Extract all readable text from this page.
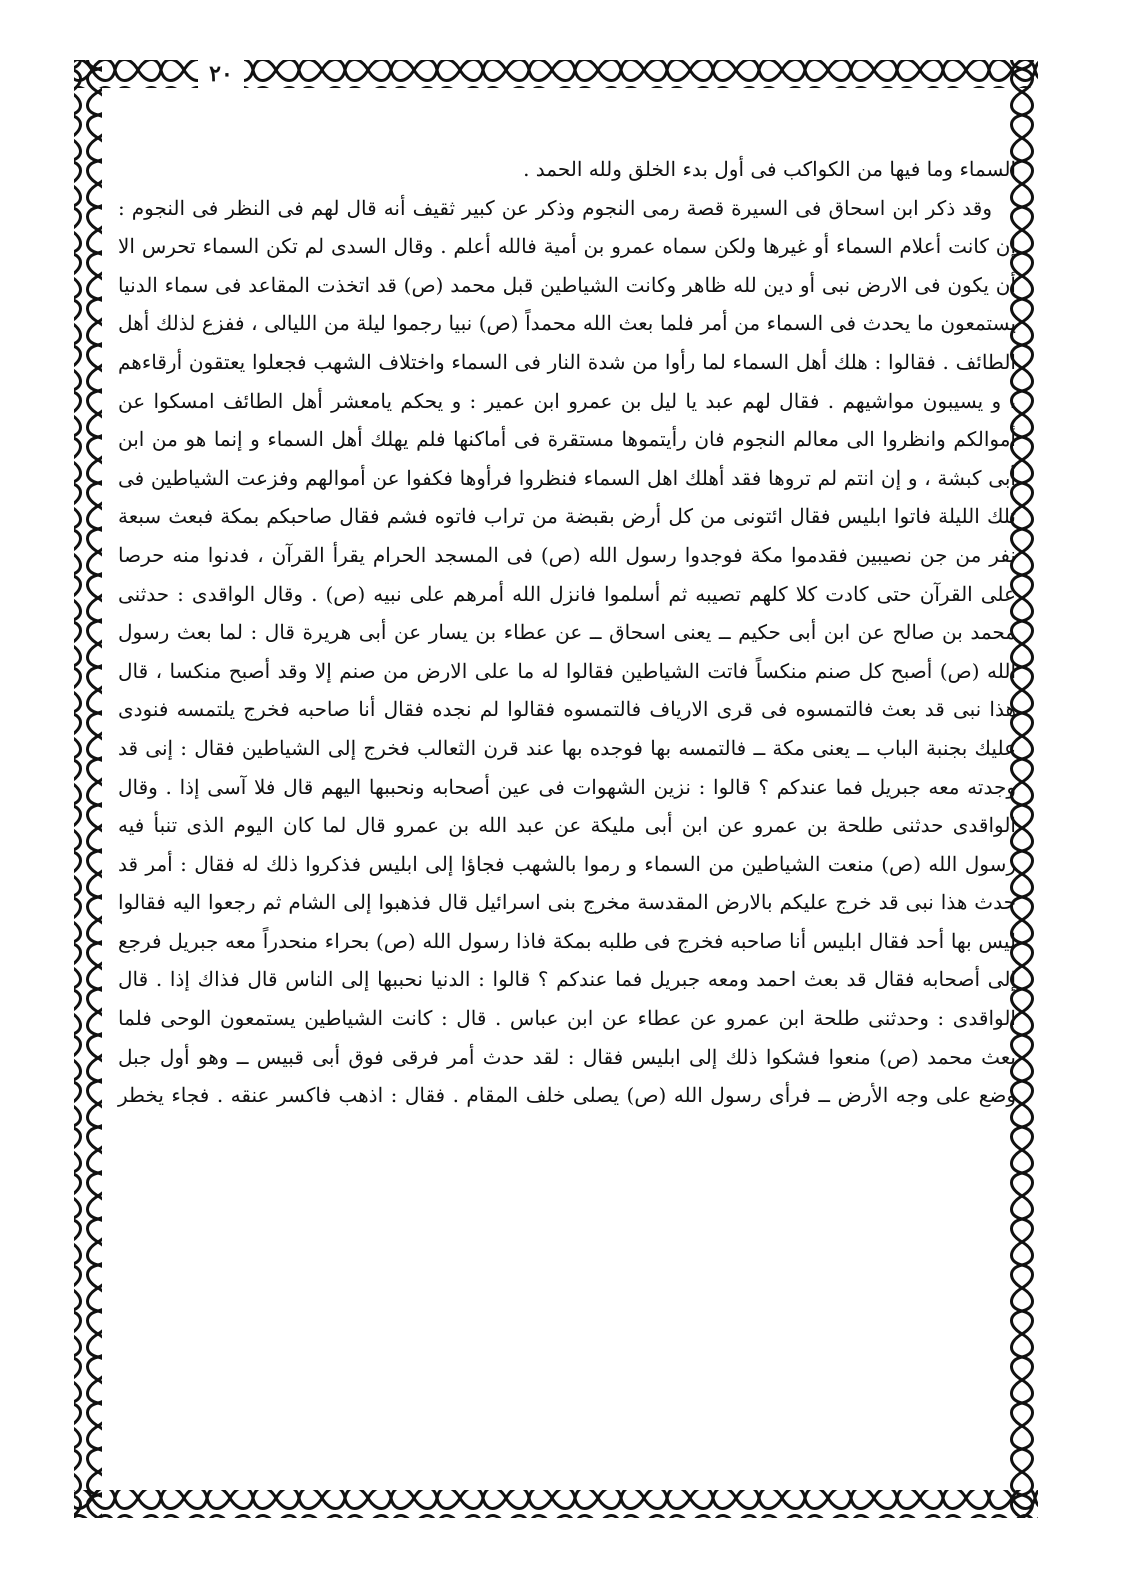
٢٠

السماء وما فيها من الكواكب فى أول بدء الخلق ولله الحمد .

وقد ذكر ابن اسحاق فى السيرة قصة رمى النجوم وذكر عن كبير ثقيف أنه قال لهم فى النظر فى النجوم : إن كانت أعلام السماء أو غيرها ولكن سماه عمرو بن أمية فالله أعلم . وقال السدى لم تكن السماء تحرس الا أن يكون فى الارض نبى أو دين لله ظاهر وكانت الشياطين قبل محمد (ص) قد اتخذت المقاعد فى سماء الدنيا يستمعون ما يحدث فى السماء من أمر فلما بعث الله محمداً (ص) نبيا رجموا ليلة من الليالى ، ففزع لذلك أهل الطائف . فقالوا : هلك أهل السماء لما رأوا من شدة النار فى السماء واختلاف الشهب فجعلوا يعتقون أرقاءهم ، و يسيبون مواشيهم . فقال لهم عبد يا ليل بن عمرو ابن عمير : و يحكم يامعشر أهل الطائف امسكوا عن أموالكم وانظروا الى معالم النجوم فان رأيتموها مستقرة فى أماكنها فلم يهلك أهل السماء و إنما هو من ابن أبى كبشة ، و إن انتم لم تروها فقد أهلك اهل السماء فنظروا فرأوها فكفوا عن أموالهم وفزعت الشياطين فى تلك الليلة فاتوا ابليس فقال ائتونى من كل أرض بقبضة من تراب فاتوه فشم فقال صاحبكم بمكة فبعث سبعة نفر من جن نصيبين فقدموا مكة فوجدوا رسول الله (ص) فى المسجد الحرام يقرأ القرآن ، فدنوا منه حرصا على القرآن حتى كادت كلا كلهم تصيبه ثم أسلموا فانزل الله أمرهم على نبيه (ص) . وقال الواقدى : حدثنى محمد بن صالح عن ابن أبى حكيم ــ يعنى اسحاق ــ عن عطاء بن يسار عن أبى هريرة قال : لما بعث رسول الله (ص) أصبح كل صنم منكساً فاتت الشياطين فقالوا له ما على الارض من صنم إلا وقد أصبح منكسا ، قال هذا نبى قد بعث فالتمسوه فى قرى الارياف فالتمسوه فقالوا لم نجده فقال أنا صاحبه فخرج يلتمسه فنودى عليك بجنبة الباب ــ يعنى مكة ــ فالتمسه بها فوجده بها عند قرن الثعالب فخرج إلى الشياطين فقال : إنى قد وجدته معه جبريل فما عندكم ؟ قالوا : نزين الشهوات فى عين أصحابه ونحببها اليهم قال فلا آسى إذا . وقال الواقدى حدثنى طلحة بن عمرو عن ابن أبى مليكة عن عبد الله بن عمرو قال لما كان اليوم الذى تنبأ فيه رسول الله (ص) منعت الشياطين من السماء و رموا بالشهب فجاؤا إلى ابليس فذكروا ذلك له فقال : أمر قد حدث هذا نبى قد خرج عليكم بالارض المقدسة مخرج بنى اسرائيل قال فذهبوا إلى الشام ثم رجعوا اليه فقالوا ليس بها أحد فقال ابليس أنا صاحبه فخرج فى طلبه بمكة فاذا رسول الله (ص) بحراء منحدراً معه جبريل فرجع إلى أصحابه فقال قد بعث احمد ومعه جبريل فما عندكم ؟ قالوا : الدنيا نحببها إلى الناس قال فذاك إذا . قال الواقدى : وحدثنى طلحة ابن عمرو عن عطاء عن ابن عباس . قال : كانت الشياطين يستمعون الوحى فلما بعث محمد (ص) منعوا فشكوا ذلك إلى ابليس فقال : لقد حدث أمر فرقى فوق أبى قبيس ــ وهو أول جبل وضع على وجه الأرض ــ فرأى رسول الله (ص) يصلى خلف المقام . فقال : اذهب فاكسر عنقه . فجاء يخطر
